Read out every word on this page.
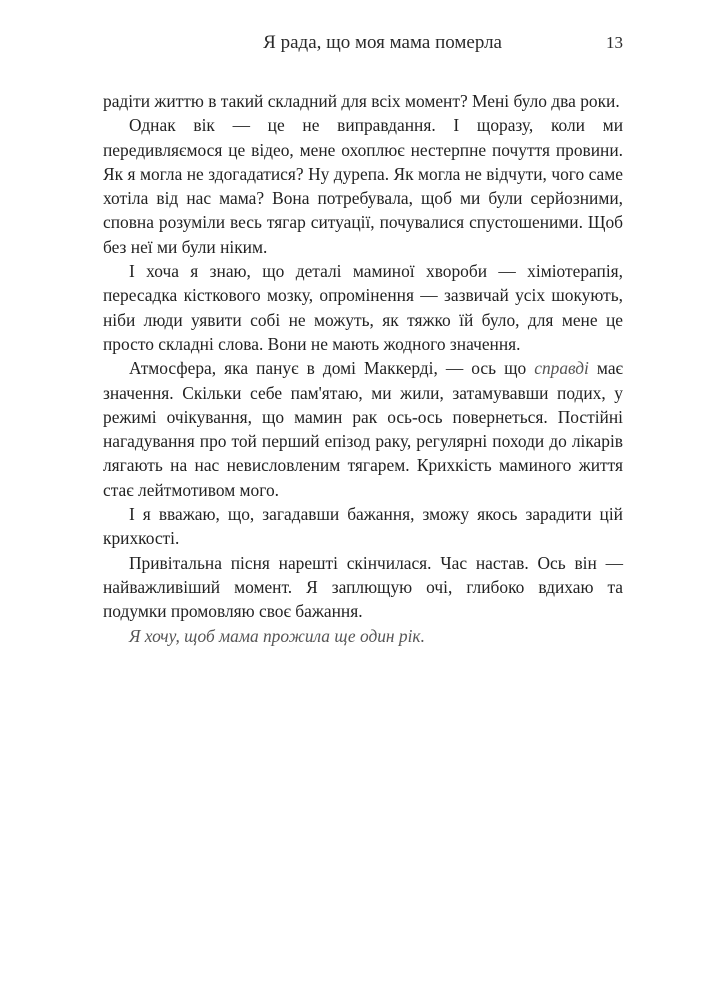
Я рада, що моя мама померла	13

радіти життю в такий складний для всіх момент? Мені було два роки.

Однак вік — це не виправдання. І щоразу, коли ми передивляємося це відео, мене охоплює нестерпне почуття провини. Як я могла не здогадатися? Ну дурепа. Як могла не відчути, чого саме хотіла від нас мама? Вона потребувала, щоб ми були серйозними, сповна розуміли весь тягар ситуації, почувалися спустошеними. Щоб без неї ми були ніким.

І хоча я знаю, що деталі маминої хвороби — хіміотерапія, пересадка кісткового мозку, опромінення — зазвичай усіх шокують, ніби люди уявити собі не можуть, як тяжко їй було, для мене це просто складні слова. Вони не мають жодного значення.

Атмосфера, яка панує в домі Маккерді, — ось що справді має значення. Скільки себе пам'ятаю, ми жили, затамувавши подих, у режимі очікування, що мамин рак ось-ось повернеться. Постійні нагадування про той перший епізод раку, регулярні походи до лікарів лягають на нас невисловленим тягарем. Крихкість маминого життя стає лейтмотивом мого.

І я вважаю, що, загадавши бажання, зможу якось зарадити цій крихкості.

Привітальна пісня нарешті скінчилася. Час настав. Ось він — найважливіший момент. Я заплющую очі, глибоко вдихаю та подумки промовляю своє бажання.

Я хочу, щоб мама прожила ще один рік.
